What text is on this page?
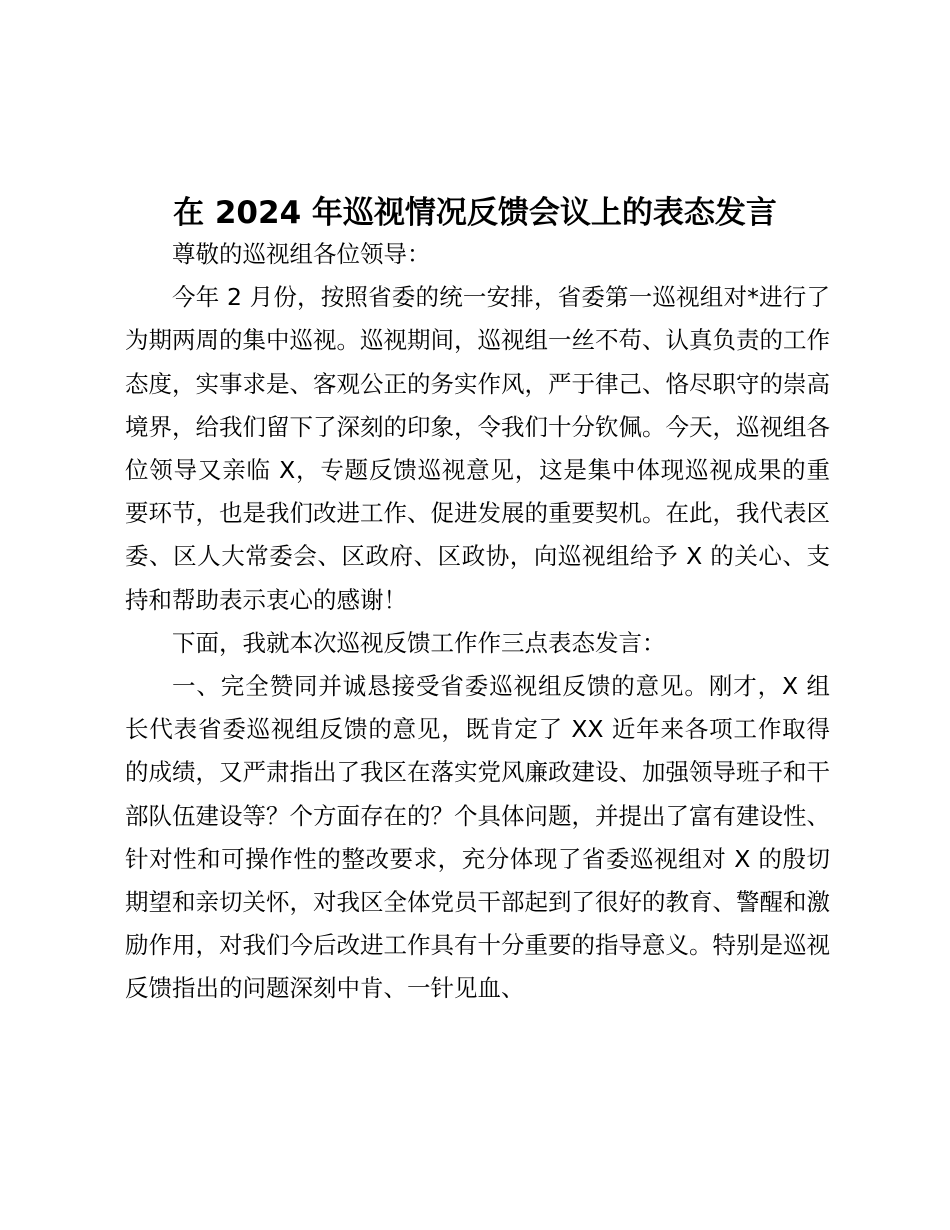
在 2024 年巡视情况反馈会议上的表态发言

尊敬的巡视组各位领导：

今年 2 月份，按照省委的统一安排，省委第一巡视组对*进行了为期两周的集中巡视。巡视期间，巡视组一丝不苟、认真负责的工作态度，实事求是、客观公正的务实作风，严于律己、恪尽职守的崇高境界，给我们留下了深刻的印象，令我们十分钦佩。今天，巡视组各位领导又亲临 X，专题反馈巡视意见，这是集中体现巡视成果的重要环节，也是我们改进工作、促进发展的重要契机。在此，我代表区委、区人大常委会、区政府、区政协，向巡视组给予 X 的关心、支持和帮助表示衷心的感谢！

下面，我就本次巡视反馈工作作三点表态发言：

一、完全赞同并诚恳接受省委巡视组反馈的意见。刚才，X 组长代表省委巡视组反馈的意见，既肯定了 XX 近年来各项工作取得的成绩，又严肃指出了我区在落实党风廉政建设、加强领导班子和干部队伍建设等？个方面存在的？个具体问题，并提出了富有建设性、针对性和可操作性的整改要求，充分体现了省委巡视组对 X 的殷切期望和亲切关怀，对我区全体党员干部起到了很好的教育、警醒和激励作用，对我们今后改进工作具有十分重要的指导意义。特别是巡视反馈指出的问题深刻中肯、一针见血、
